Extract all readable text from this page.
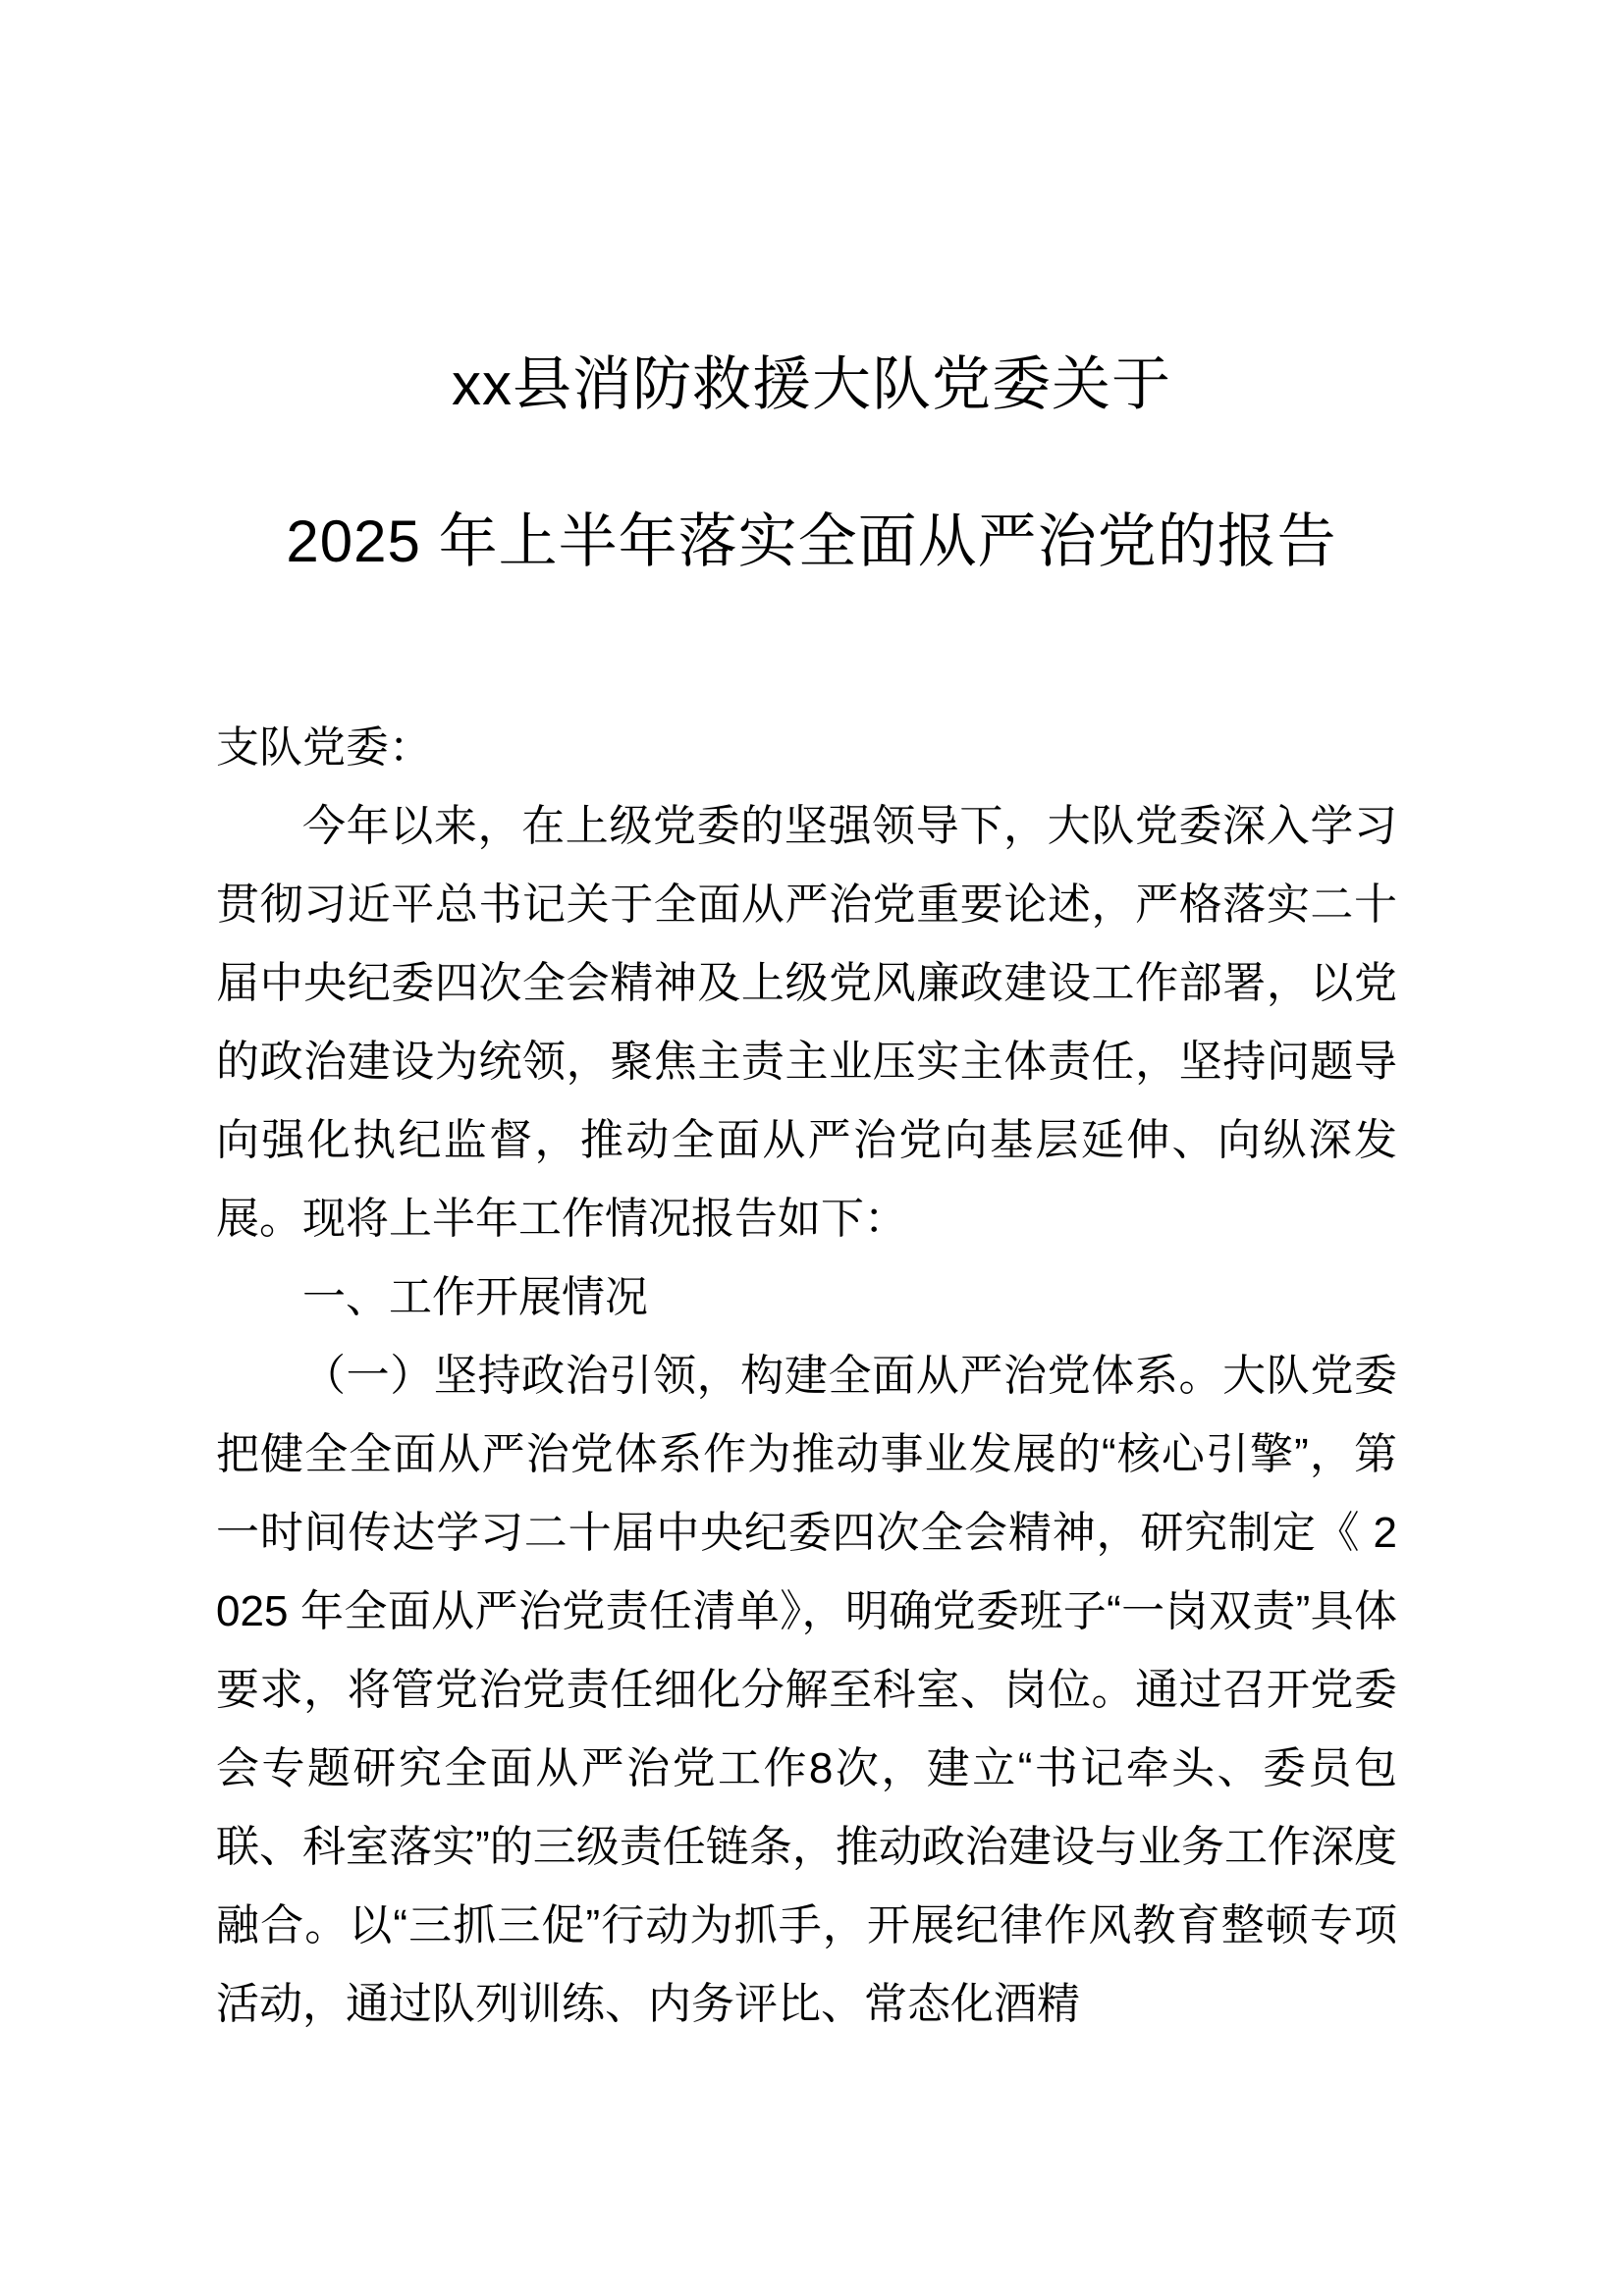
xx县消防救援大队党委关于
2025 年上半年落实全面从严治党的报告

支队党委：

今年以来，在上级党委的坚强领导下，大队党委深入学习贯彻习近平总书记关于全面从严治党重要论述，严格落实二十届中央纪委四次全会精神及上级党风廉政建设工作部署，以党的政治建设为统领，聚焦主责主业压实主体责任，坚持问题导向强化执纪监督，推动全面从严治党向基层延伸、向纵深发展。现将上半年工作情况报告如下：

一、工作开展情况

（一）坚持政治引领，构建全面从严治党体系。大队党委把健全全面从严治党体系作为推动事业发展的“核心引擎”，第一时间传达学习二十届中央纪委四次全会精神，研究制定《 2025 年全面从严治党责任清单》，明确党委班子“一岗双责”具体要求，将管党治党责任细化分解至科室、岗位。通过召开党委会专题研究全面从严治党工作8次，建立“书记牵头、委员包联、科室落实”的三级责任链条，推动政治建设与业务工作深度融合。以“三抓三促”行动为抓手，开展纪律作风教育整顿专项活动，通过队列训练、内务评比、常态化酒精
